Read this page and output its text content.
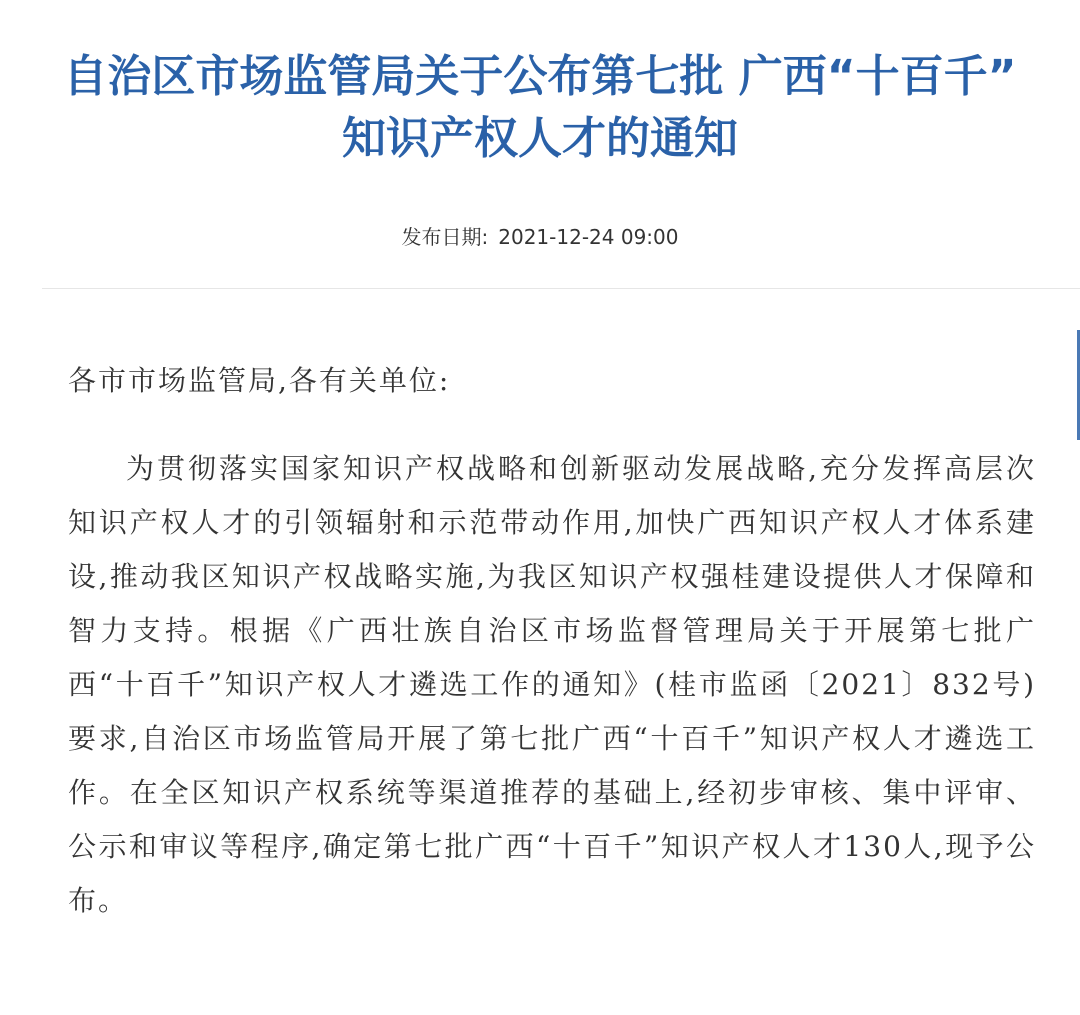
自治区市场监管局关于公布第七批 广西“十百千”
知识产权人才的通知
发布日期: 2021-12-24 09:00

各市市场监管局,各有关单位:

为贯彻落实国家知识产权战略和创新驱动发展战略,充分发挥高层次知识产权人才的引领辐射和示范带动作用,加快广西知识产权人才体系建设,推动我区知识产权战略实施,为我区知识产权强桂建设提供人才保障和智力支持。根据《广西壮族自治区市场监督管理局关于开展第七批广西“十百千”知识产权人才遴选工作的通知》(桂市监函〔2021〕832号)要求,自治区市场监管局开展了第七批广西“十百千”知识产权人才遴选工作。在全区知识产权系统等渠道推荐的基础上,经初步审核、集中评审、公示和审议等程序,确定第七批广西“十百千”知识产权人才130人,现予公布。
